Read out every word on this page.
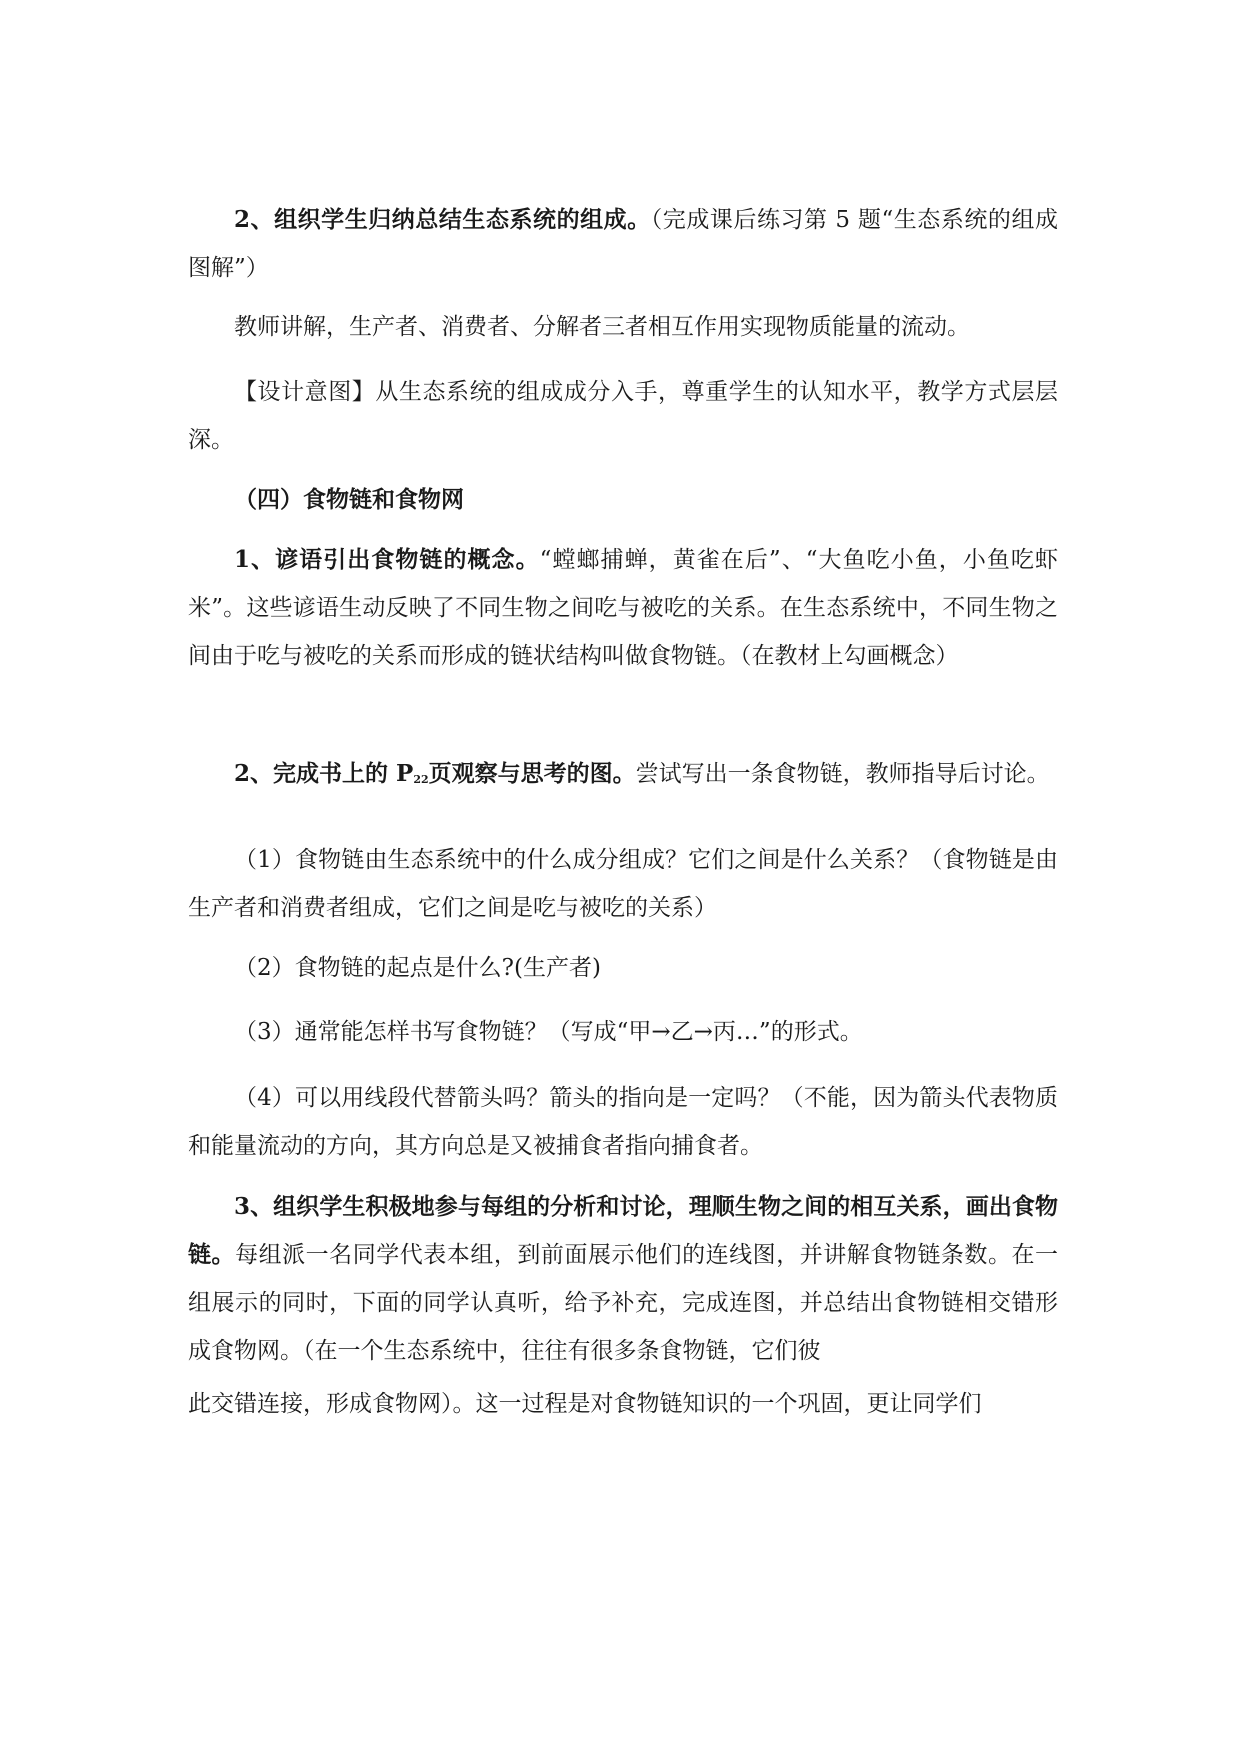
2、组织学生归纳总结生态系统的组成。（完成课后练习第 5 题“生态系统的组成图解”）

教师讲解，生产者、消费者、分解者三者相互作用实现物质能量的流动。

【设计意图】从生态系统的组成成分入手，尊重学生的认知水平，教学方式层层深。

（四）食物链和食物网

1、谚语引出食物链的概念。“螳螂捕蝉，黄雀在后”、“大鱼吃小鱼，小鱼吃虾米”。这些谚语生动反映了不同生物之间吃与被吃的关系。在生态系统中，不同生物之间由于吃与被吃的关系而形成的链状结构叫做食物链。（在教材上勾画概念）

2、完成书上的 $P_{22}$页观察与思考的图。尝试写出一条食物链，教师指导后讨论。

（1）食物链由生态系统中的什么成分组成？它们之间是什么关系？（食物链是由生产者和消费者组成，它们之间是吃与被吃的关系）

（2）食物链的起点是什么?(生产者)

（3）通常能怎样书写食物链？（写成“甲→乙→丙…”的形式。

（4）可以用线段代替箭头吗？箭头的指向是一定吗？（不能，因为箭头代表物质和能量流动的方向，其方向总是又被捕食者指向捕食者。

3、组织学生积极地参与每组的分析和讨论，理顺生物之间的相互关系，画出食物链。每组派一名同学代表本组，到前面展示他们的连线图，并讲解食物链条数。在一组展示的同时，下面的同学认真听，给予补充，完成连图，并总结出食物链相交错形成食物网。（在一个生态系统中，往往有很多条食物链，它们彼

此交错连接，形成食物网）。这一过程是对食物链知识的一个巩固，更让同学们
